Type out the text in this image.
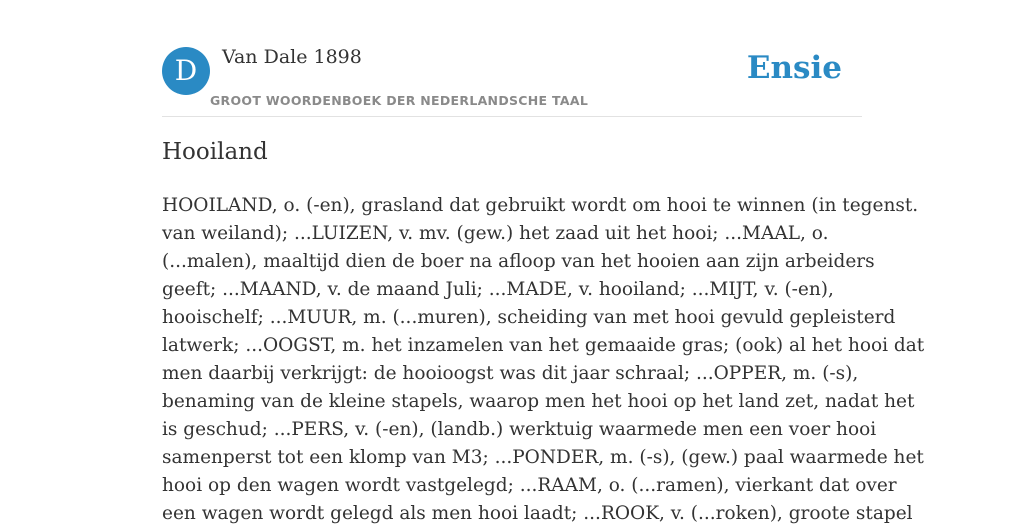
D	Van Dale 1898
GROOT WOORDENBOEK DER NEDERLANDSCHE TAAL
Ensie
Hooiland

HOOILAND, o. (-en), grasland dat gebruikt wordt om hooi te winnen (in tegenst.
van weiland); ...LUIZEN, v. mv. (gew.) het zaad uit het hooi; ...MAAL, o.
(...malen), maaltijd dien de boer na afloop van het hooien aan zijn arbeiders
geeft; ...MAAND, v. de maand Juli; ...MADE, v. hooiland; ...MIJT, v. (-en),
hooischelf; ...MUUR, m. (...muren), scheiding van met hooi gevuld gepleisterd
latwerk; ...OOGST, m. het inzamelen van het gemaaide gras; (ook) al het hooi dat
men daarbij verkrijgt: de hooioogst was dit jaar schraal; ...OPPER, m. (-s),
benaming van de kleine stapels, waarop men het hooi op het land zet, nadat het
is geschud; ...PERS, v. (-en), (landb.) werktuig waarmede men een voer hooi
samenperst tot een klomp van M3; ...PONDER, m. (-s), (gew.) paal waarmede het
hooi op den wagen wordt vastgelegd; ...RAAM, o. (...ramen), vierkant dat over
een wagen wordt gelegd als men hooi laadt; ...ROOK, v. (...roken), groote stapel
